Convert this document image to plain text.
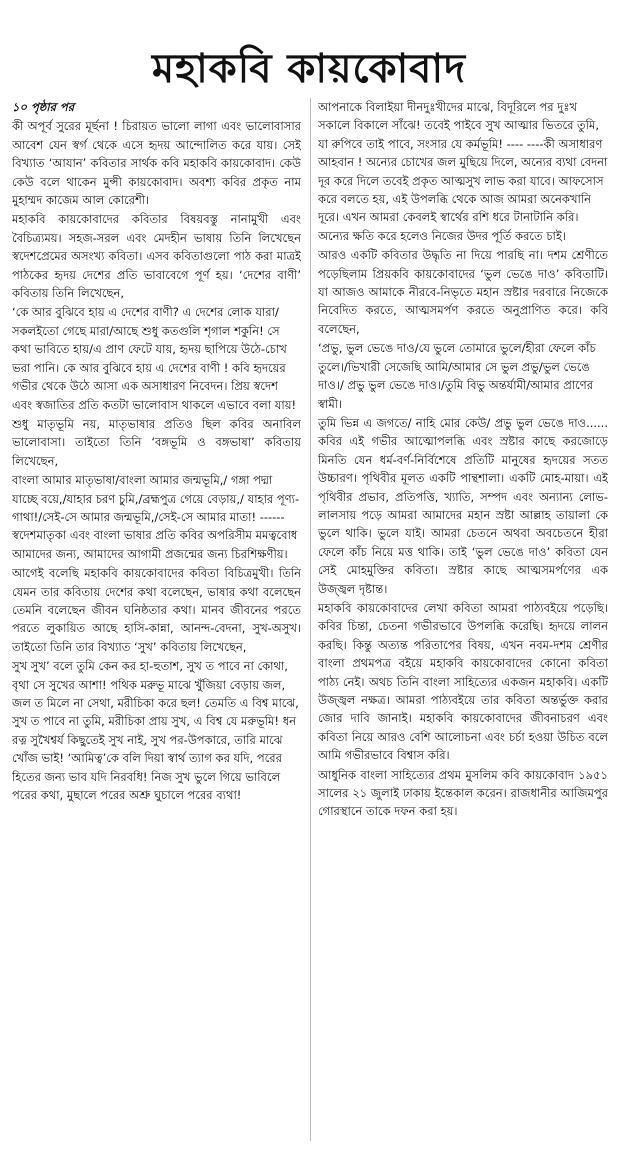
মহাকবি কায়কোবাদ

১০ পৃষ্ঠার পর

কী অপূর্ব সুরের মূর্ছনা ! চিরায়ত ভালো লাগা এবং ভালোবাসার আবেশ যেন স্বর্গ থেকে এসে হৃদয় আন্দোলিত করে যায়। সেই বিখ্যাত ‘আযান’ কবিতার সার্থক কবি মহাকবি কায়কোবাদ। কেউ কেউ বলে থাকেন মুন্সী কায়কোবাদ। অবশ্য কবির প্রকৃত নাম মুহাম্মদ কাজেম আল কোরেশী।

মহাকবি কায়কোবাদের কবিতার বিষয়বস্তু নানামুখী এবং বৈচিত্র্যময়। সহজ-সরল এবং মেদহীন ভাষায় তিনি লিখেছেন স্বদেশপ্রেমের অসংখ্য কবিতা। এসব কবিতাগুলো পাঠ করা মাত্রই পাঠকের হৃদয় দেশের প্রতি ভাবাবেগে পূর্ণ হয়। ‘দেশের বাণী’ কবিতায় তিনি লিখেছেন,

‘কে আর বুঝিবে হায় এ দেশের বাণী? এ দেশের লোক যারা/সকলইতো গেছে মারা/আছে শুধু কতগুলি শৃগাল শকুনি! সে কথা ভাবিতে হায়/এ প্রাণ ফেটে যায়, হৃদয় ছাপিয়ে উঠে-চোখ ভরা পানি। কে আর বুঝিবে হায় এ দেশের বাণী ! কবি হৃদয়ের গভীর থেকে উঠে আসা এক অসাধারণ নিবেদন। প্রিয় স্বদেশ এবং স্বজাতির প্রতি কতটা ভালোবাস থাকলে এভাবে বলা যায়!

শুধু মাতৃভূমি নয়, মাতৃভাষার প্রতিও ছিল কবির অনাবিল ভালোবাসা। তাইতো তিনি ‘বঙ্গভূমি ও বঙ্গভাষা’ কবিতায় লিখেছেন,

বাংলা আমার মাতৃভাষা/বাংলা আমার জন্মভূমি,/ গঙ্গা পদ্মা যাচ্ছে বয়ে,/যাহার চরণ চুমি,/ব্রহ্মপুত্র গেয়ে বেড়ায়,/ যাহার পূণ্য-গাথা!/সেই-সে আমার জন্মভূমি,/সেই-সে আমার মাতা! ------ স্বদেশমাতৃকা এবং বাংলা ভাষার প্রতি কবির অপরিসীম মমত্ববোধ আমাদের জন্য, আমাদের আগামী প্রজন্মের জন্য চিরশিক্ষণীয়।

আগেই বলেছি মহাকবি কায়কোবাদের কবিতা বিচিত্রমুখী। তিনি যেমন তার কবিতায় দেশের কথা বলেছেন, ভাষার কথা বলেছেন তেমনি বলেছেন জীবন ঘনিষ্ঠতার কথা। মানব জীবনের পরতে পরতে লুকায়িত আছে হাসি-কান্না, আনন্দ-বেদনা, সুখ-অসুখ। তাইতো তিনি তার বিখ্যাত ‘সুখ’ কবিতায় লিখেছেন,

সুখ সুখ’ বলে তুমি কেন কর হা-হুতাশ, সুখ ত পাবে না কোথা, বৃথা সে সুখের আশা! পথিক মরুভূ মাঝে খুঁজিয়া বেড়ায় জল, জল ত মিলে না সেথা, মরীচিকা করে ছল! তেমতি এ বিশ্ব মাঝে, সুখ ত পাবে না তুমি, মরীচিকা প্রায় সুখ, এ বিশ্ব যে মরুভূমি! ধন রত্ন সুখৈশ্বর্য কিছুতেই সুখ নাই, সুখ পর-উপকারে, তারি মাঝে খোঁজ ভাই! ‘আমিত্ব’কে বলি দিয়া স্বার্থ ত্যাগ কর যদি, পরের হিতের জন্য ভাব যদি নিরবধি! নিজ সুখ ভুলে গিয়ে ভাবিলে পরের কথা, মুছালে পরের অশ্রু ঘুচালে পরের ব্যথা!

আপনাকে বিলাইয়া দীনদুঃখীদের মাঝে, বিদূরিলে পর দুঃখ সকালে বিকালে সাঁঝে! তবেই পাইবে সুখ আত্মার ভিতরে তুমি, যা রুপিবে তাই পাবে, সংসার যে কর্মভূমি! ---- ----কী অসাধারণ আহবান ! অন্যের চোখের জল মুছিয়ে দিলে, অন্যের ব্যথা বেদনা দূর করে দিলে তবেই প্রকৃত আত্মসুখ লাভ করা যাবে। আফসোস করে বলতে হয়, এই উপলব্ধি থেকে আজ আমরা অনেকখানি দূরে। এখন আমরা কেবলই স্বার্থের রশি ধরে টানাটানি করি। অন্যের ক্ষতি করে হলেও নিজের উদর পূর্তি করতে চাই।

আরও একটি কবিতার উদ্ধৃতি না দিয়ে পারছি না। দশম শ্রেণীতে পড়েছিলাম প্রিয়কবি কায়কোবাদের ‘ভুল ভেঙে দাও’ কবিতাটি। যা আজও আমাকে নীরবে-নিভৃতে মহান স্রষ্টার দরবারে নিজেকে নিবেদিত করতে, আত্মসমর্পণ করতে অনুপ্রাণিত করে। কবি বলেছেন,

‘প্রভু, ভুল ভেঙে দাও/যে ভুলে তোমারে ভুলে/হীরা ফেলে কাঁচ তুলে।/ভিখারী সেজেছি আমি/আমার সে ভুল প্রভু/ভুল ভেঙে দাও।/ প্রভু ভুল ভেঙে দাও।/তুমি বিভু অন্তর্যামী/আমার প্রাণের স্বামী।

তুমি ভিন্ন এ জগতে/ নাহি মোর কেউ/ প্রভু ভুল ভেঙে দাও...... কবির এই গভীর আত্মোপলব্ধি এবং স্রষ্টার কাছে করজোড়ে মিনতি যেন ধর্ম-বর্ণ-নির্বিশেষে প্রতিটি মানুষের হৃদয়ের সতত উচ্চারণ। পৃথিবীর মূলত একটি পান্থশালা। একটি মোহ-মায়া। এই পৃথিবীর প্রভাব, প্রতিপত্তি, খ্যাতি, সম্পদ এবং অন্যান্য লোভ-লালসায় পড়ে আমরা আমাদের মহান স্রষ্টা আল্লাহ তায়ালা কে ভুলে থাকি। ভুলে যাই। আমরা চেতনে অথবা অবচেতনে হীরা ফেলে কাঁচ নিয়ে মত্ত থাকি। তাই ‘ভুল ভেঙে দাও’ কবিতা যেন সেই মোহমুক্তির কবিতা। স্রষ্টার কাছে আত্মসমর্পণের এক উজ্জ্বল দৃষ্টান্ত।

মহাকবি কায়কোবাদের লেখা কবিতা আমরা পাঠ্যবইয়ে পড়েছি। কবির চিন্তা, চেতনা গভীরভাবে উপলব্ধি করেছি। হৃদয়ে লালন করছি। কিন্তু অত্যন্ত পরিতাপের বিষয়, এখন নবম-দশম শ্রেণীর বাংলা প্রথমপত্র বইয়ে মহাকবি কায়কোবাদের কোনো কবিতা পাঠ্য নেই। অথচ তিনি বাংলা সাহিত্যের একজন মহাকবি। একটি উজ্জ্বল নক্ষত্র। আমরা পাঠ্যবইয়ে তার কবিতা অন্তর্ভুক্ত করার জোর দাবি জানাই। মহাকবি কায়কোবাদের জীবনাচরণ এবং কবিতা নিয়ে আরও বেশি আলোচনা এবং চর্চা হওয়া উচিত বলে আমি গভীরভাবে বিশ্বাস করি।

আধুনিক বাংলা সাহিত্যের প্রথম মুসলিম কবি কায়কোবাদ ১৯৫১ সালের ২১ জুলাই ঢাকায় ইন্তেকাল করেন। রাজধানীর আজিমপুর গোরস্থানে তাকে দফন করা হয়।
